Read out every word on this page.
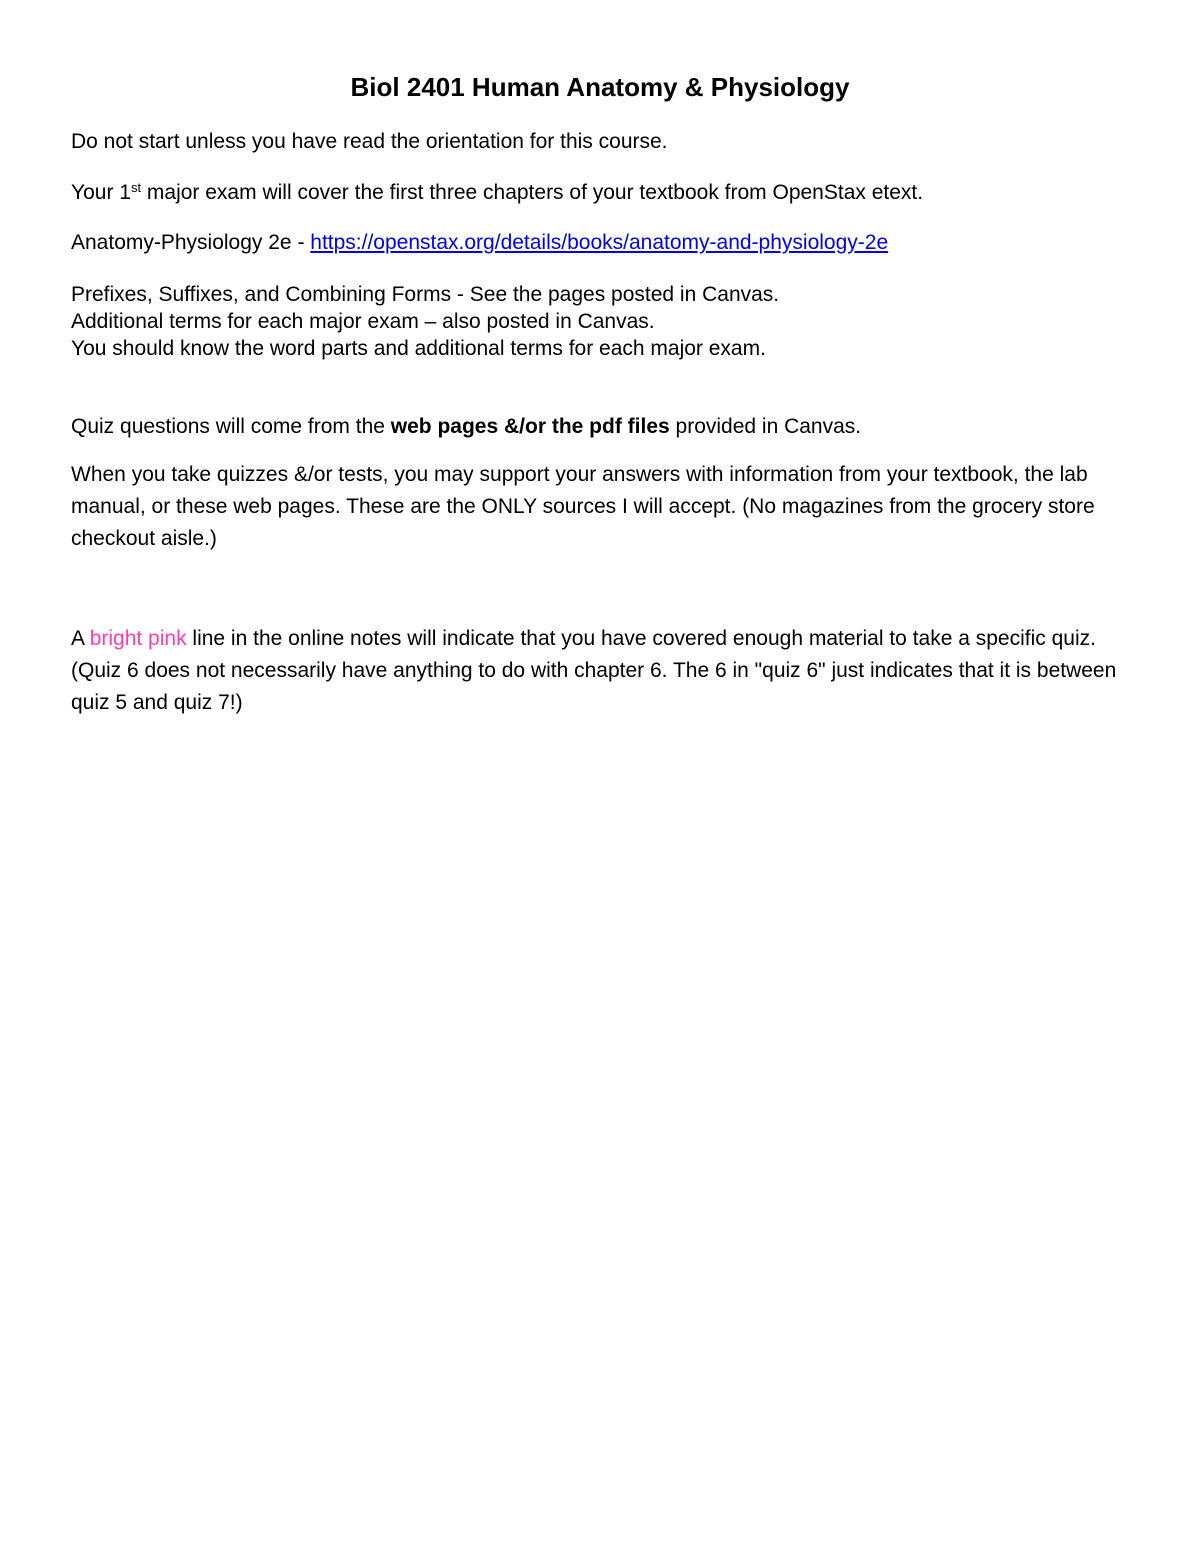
Biol 2401 Human Anatomy & Physiology
Do not start unless you have read the orientation for this course.
Your 1st major exam will cover the first three chapters of your textbook from OpenStax etext.
Anatomy-Physiology 2e - https://openstax.org/details/books/anatomy-and-physiology-2e
Prefixes, Suffixes, and Combining Forms - See the pages posted in Canvas.
Additional terms for each major exam – also posted in Canvas.
You should know the word parts and additional terms for each major exam.
Quiz questions will come from the web pages &/or the pdf files provided in Canvas.
When you take quizzes &/or tests, you may support your answers with information from your textbook, the lab manual, or these web pages. These are the ONLY sources I will accept. (No magazines from the grocery store checkout aisle.)
A bright pink line in the online notes will indicate that you have covered enough material to take a specific quiz. (Quiz 6 does not necessarily have anything to do with chapter 6. The 6 in "quiz 6" just indicates that it is between quiz 5 and quiz 7!)
